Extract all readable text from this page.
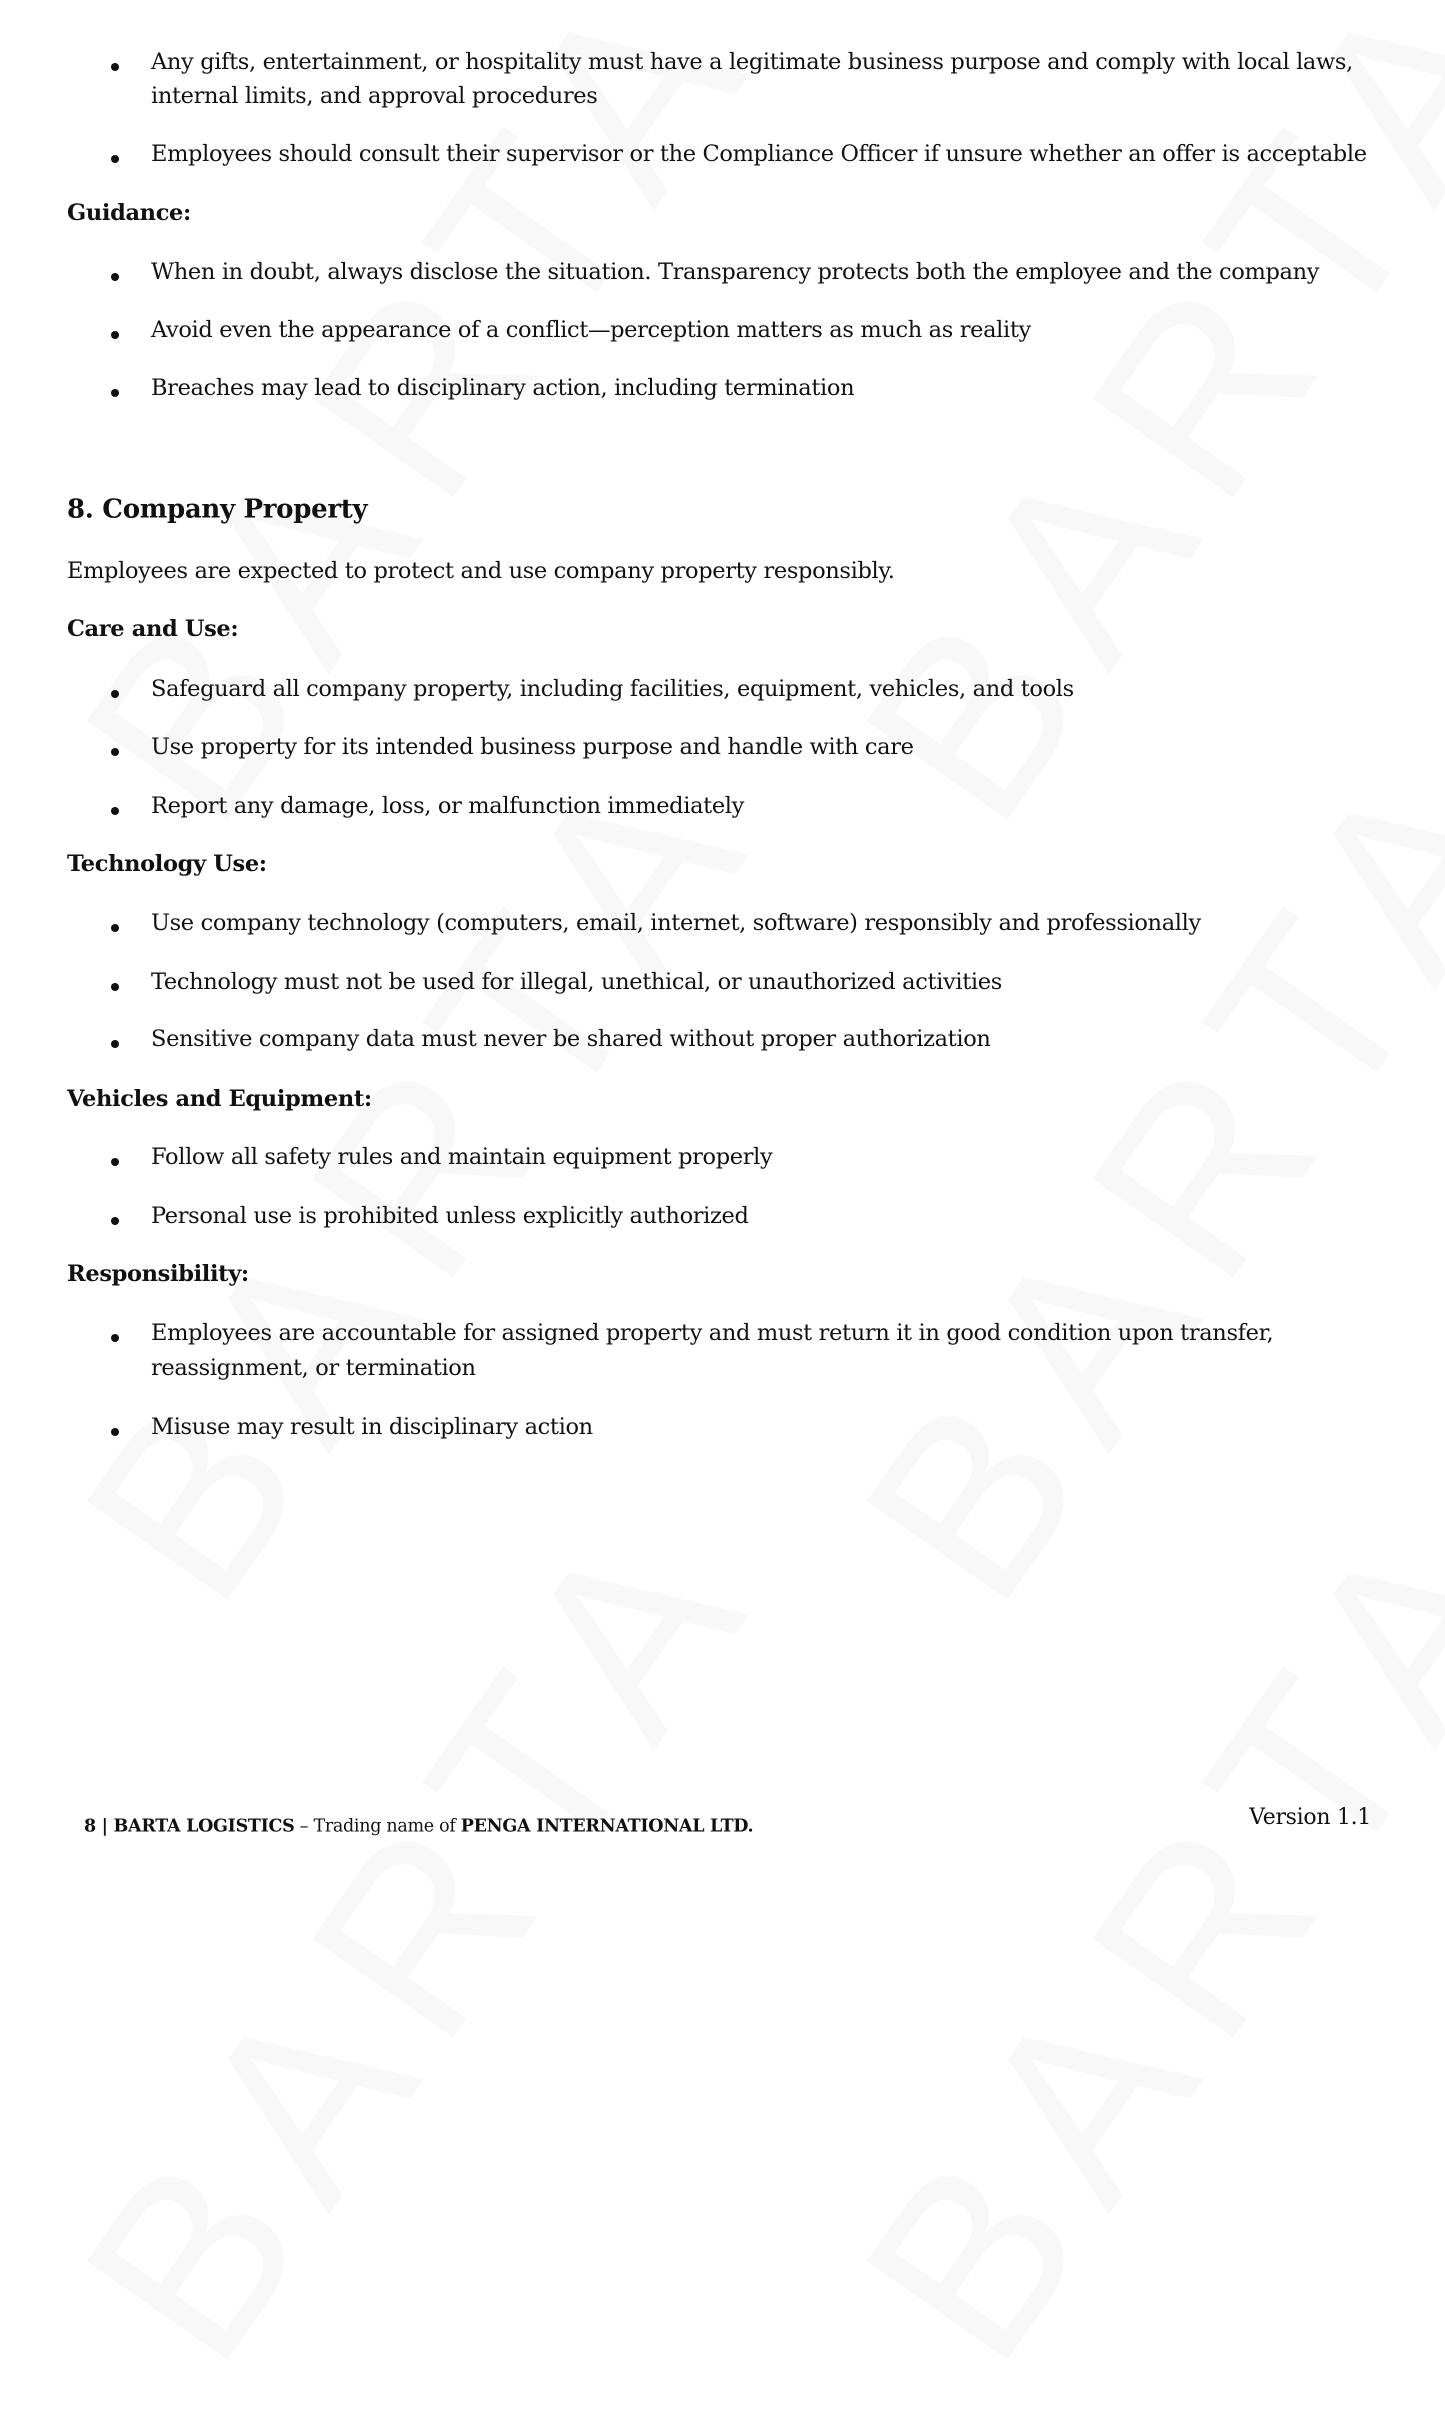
Any gifts, entertainment, or hospitality must have a legitimate business purpose and comply with local laws,
internal limits, and approval procedures
Employees should consult their supervisor or the Compliance Officer if unsure whether an offer is acceptable
Guidance:
When in doubt, always disclose the situation. Transparency protects both the employee and the company
Avoid even the appearance of a conflict—perception matters as much as reality
Breaches may lead to disciplinary action, including termination
8. Company Property
Employees are expected to protect and use company property responsibly.
Care and Use:
Safeguard all company property, including facilities, equipment, vehicles, and tools
Use property for its intended business purpose and handle with care
Report any damage, loss, or malfunction immediately
Technology Use:
Use company technology (computers, email, internet, software) responsibly and professionally
Technology must not be used for illegal, unethical, or unauthorized activities
Sensitive company data must never be shared without proper authorization
Vehicles and Equipment:
Follow all safety rules and maintain equipment properly
Personal use is prohibited unless explicitly authorized
Responsibility:
Employees are accountable for assigned property and must return it in good condition upon transfer,
reassignment, or termination
Misuse may result in disciplinary action
8 | BARTA LOGISTICS – Trading name of PENGA INTERNATIONAL LTD.	Version 1.1
